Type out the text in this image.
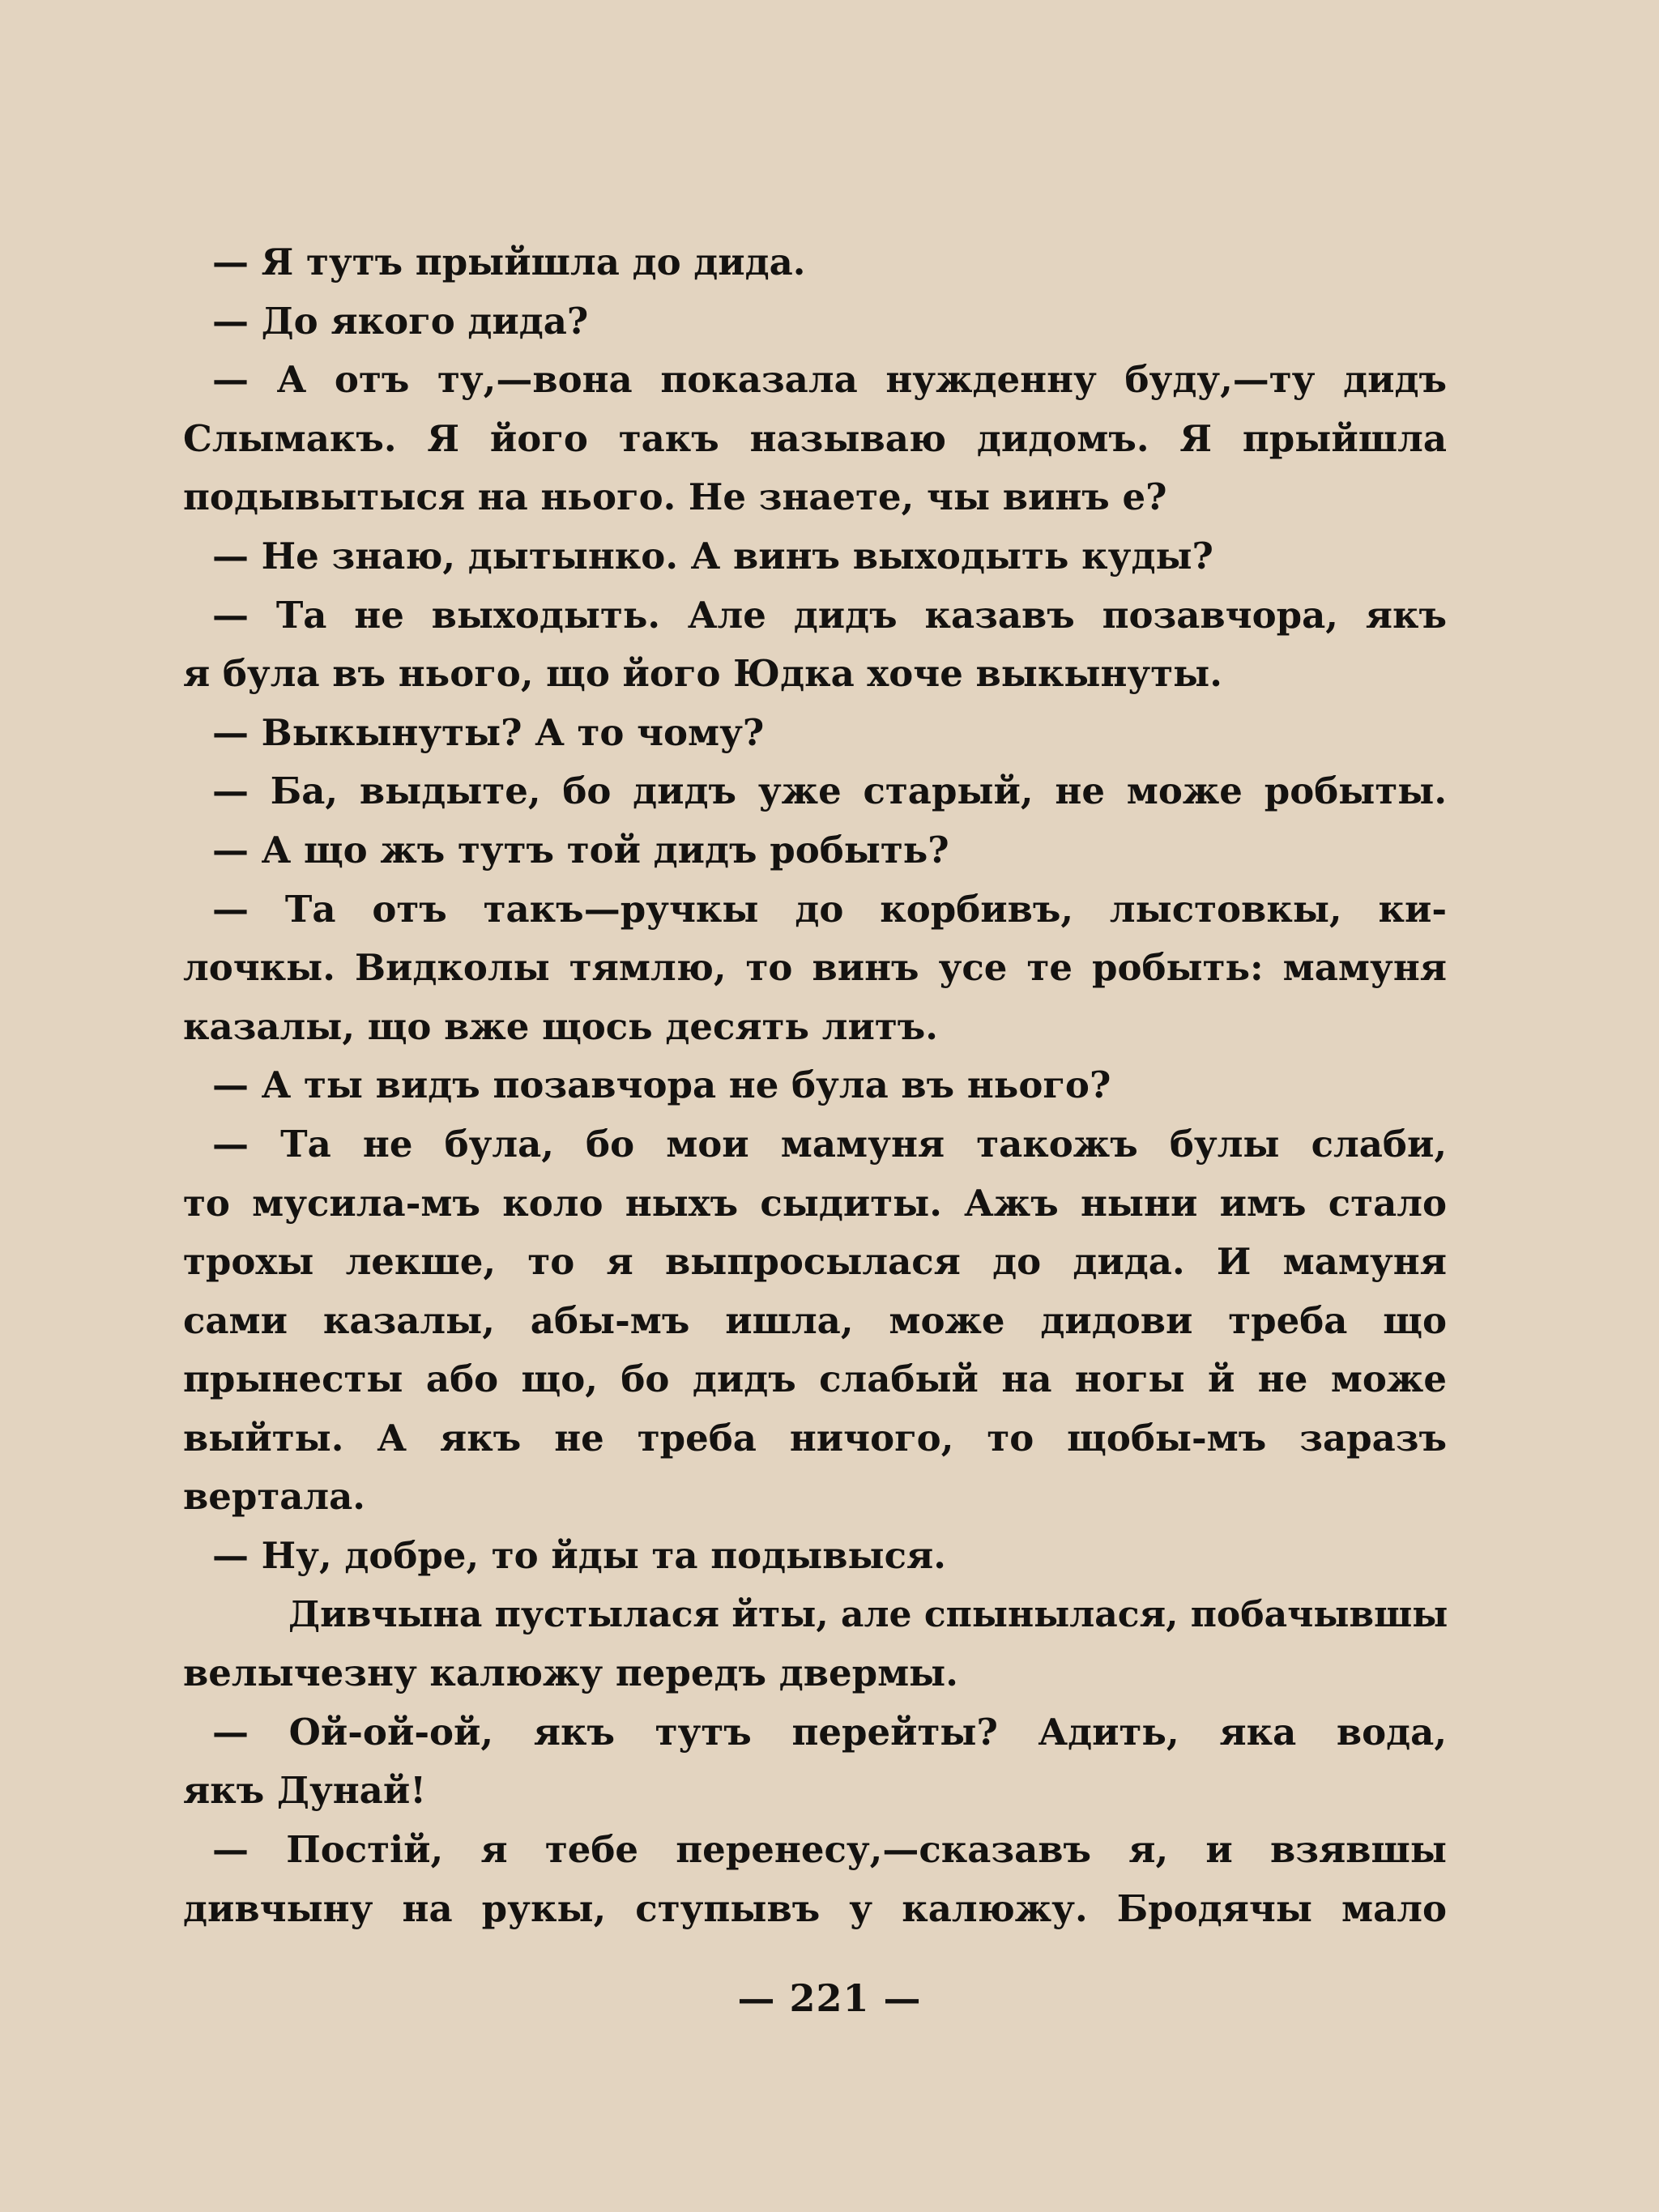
— Я тутъ прыйшла до дида.
— До якого дида?
— А отъ ту,—вона показала нужденну буду,—ту дидъ
Слымакъ. Я його такъ называю дидомъ. Я прыйшла
подывытыся на нього. Не знаете, чы винъ е?
— Не знаю, дытынко. А винъ выходыть куды?
— Та не выходыть. Але дидъ казавъ позавчора, якъ
я була въ нього, що його Юдка хоче выкынуты.
— Выкынуты? А то чому?
— Ба, выдыте, бо дидъ уже старый, не може робыты.
— А що жъ тутъ той дидъ робыть?
— Та отъ такъ—ручкы до корбивъ, лыстовкы, ки-
лочкы. Видколы тямлю, то винъ усе те робыть: мамуня
казалы, що вже щось десять литъ.
— А ты видъ позавчора не була въ нього?
— Та не була, бо мои мамуня такожъ булы слаби,
то мусила-мъ коло ныхъ сыдиты. Ажъ ныни имъ стало
трохы лекше, то я выпросылася до дида. И мамуня
сами казалы, абы-мъ ишла, може дидови треба що
прынесты або що, бо дидъ слабый на ногы й не може
выйты. А якъ не треба ничого, то щобы-мъ заразъ
вертала.
— Ну, добре, то йды та подывыся.
Дивчына пустылася йты, але спынылася, побачывшы
велычезну калюжу передъ двермы.
— Ой-ой-ой, якъ тутъ перейты? Адить, яка вода,
якъ Дунай!
— Постій, я тебе перенесу,—сказавъ я, и взявшы
дивчыну на рукы, ступывъ у калюжу. Бродячы мало
— 221 —
